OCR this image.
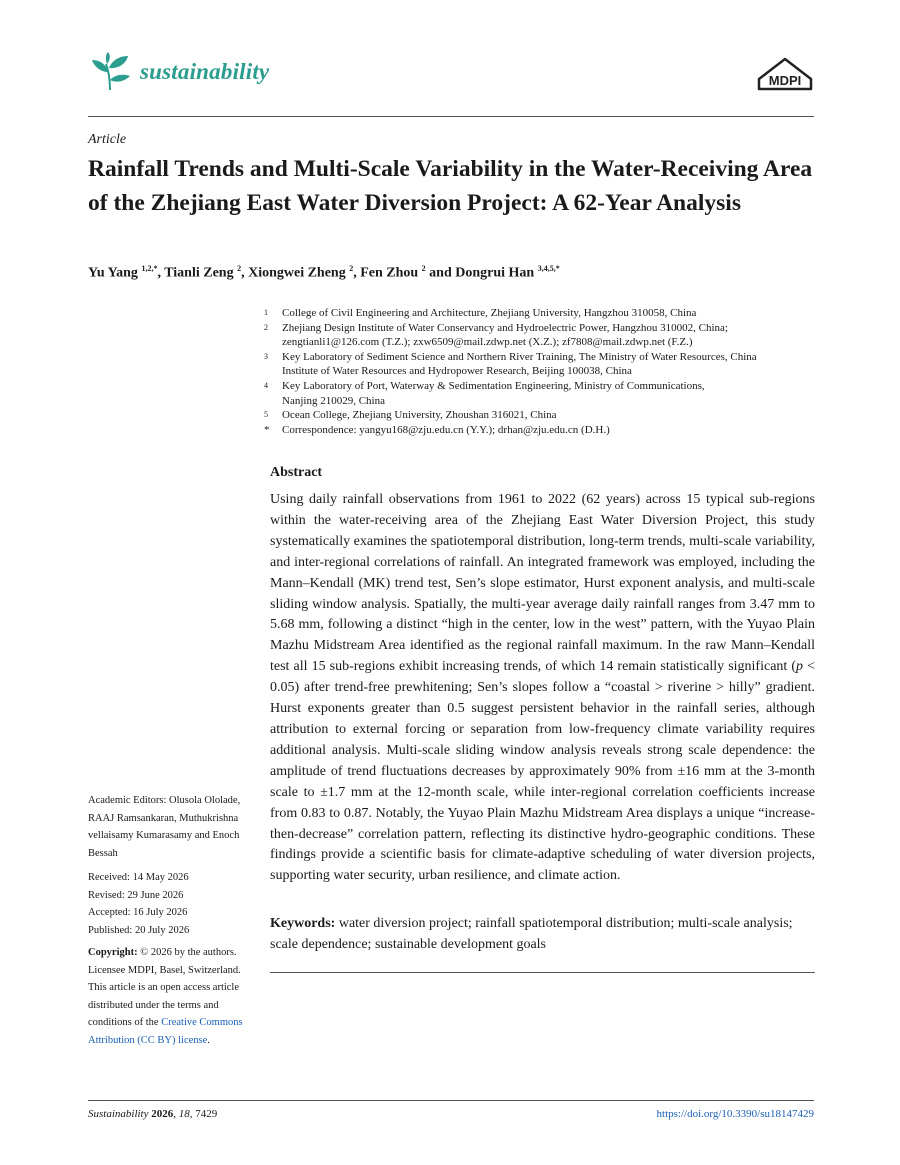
sustainability	MDPI
Article
Rainfall Trends and Multi-Scale Variability in the Water-Receiving Area of the Zhejiang East Water Diversion Project: A 62-Year Analysis
Yu Yang $^{1,2,*}$, Tianli Zeng $^2$, Xiongwei Zheng $^2$, Fen Zhou $^2$ and Dongrui Han $^{3,4,5,*}$
1 College of Civil Engineering and Architecture, Zhejiang University, Hangzhou 310058, China
2 Zhejiang Design Institute of Water Conservancy and Hydroelectric Power, Hangzhou 310002, China;
zengtianli1@126.com (T.Z.); zxw6509@mail.zdwp.net (X.Z.); zf7808@mail.zdwp.net (F.Z.)
3 Key Laboratory of Sediment Science and Northern River Training, The Ministry of Water Resources, China
Institute of Water Resources and Hydropower Research, Beijing 100038, China
4 Key Laboratory of Port, Waterway & Sedimentation Engineering, Ministry of Communications,
Nanjing 210029, China
5 Ocean College, Zhejiang University, Zhoushan 316021, China
* Correspondence: yangyu168@zju.edu.cn (Y.Y.); drhan@zju.edu.cn (D.H.)
Abstract

Using daily rainfall observations from 1961 to 2022 (62 years) across 15 typical sub-regions within the water-receiving area of the Zhejiang East Water Diversion Project, this study systematically examines the spatiotemporal distribution, long-term trends, multi-scale variability, and inter-regional correlations of rainfall. An integrated framework was employed, including the Mann–Kendall (MK) trend test, Sen’s slope estimator, Hurst exponent analysis, and multi-scale sliding window analysis. Spatially, the multi-year average daily rainfall ranges from 3.47 mm to 5.68 mm, following a distinct “high in the center, low in the west” pattern, with the Yuyao Plain Mazhu Midstream Area identified as the regional rainfall maximum. In the raw Mann–Kendall test all 15 sub-regions exhibit increasing trends, of which 14 remain statistically significant (p < 0.05) after trend-free prewhitening; Sen’s slopes follow a “coastal > riverine > hilly” gradient. Hurst exponents greater than 0.5 suggest persistent behavior in the rainfall series, although attribution to external forcing or separation from low-frequency climate variability requires additional analysis. Multi-scale sliding window analysis reveals strong scale dependence: the amplitude of trend fluctuations decreases by approximately 90% from ±16 mm at the 3-month scale to ±1.7 mm at the 12-month scale, while inter-regional correlation coefficients increase from 0.83 to 0.87. Notably, the Yuyao Plain Mazhu Midstream Area displays a unique “increase-then-decrease” correlation pattern, reflecting its distinctive hydro-geographic conditions. These findings provide a scientific basis for climate-adaptive scheduling of water diversion projects, supporting water security, urban resilience, and climate action.

Keywords: water diversion project; rainfall spatiotemporal distribution; multi-scale analysis; scale dependence; sustainable development goals

Academic Editors: Olusola Ololade, RAAJ Ramsankaran, Muthukrishna vellaisamy Kumarasamy and Enoch Bessah
Received: 14 May 2026
Revised: 29 June 2026
Accepted: 16 July 2026
Published: 20 July 2026
Copyright: © 2026 by the authors. Licensee MDPI, Basel, Switzerland. This article is an open access article distributed under the terms and conditions of the Creative Commons Attribution (CC BY) license.
Sustainability 2026, 18, 7429	https://doi.org/10.3390/su18147429
